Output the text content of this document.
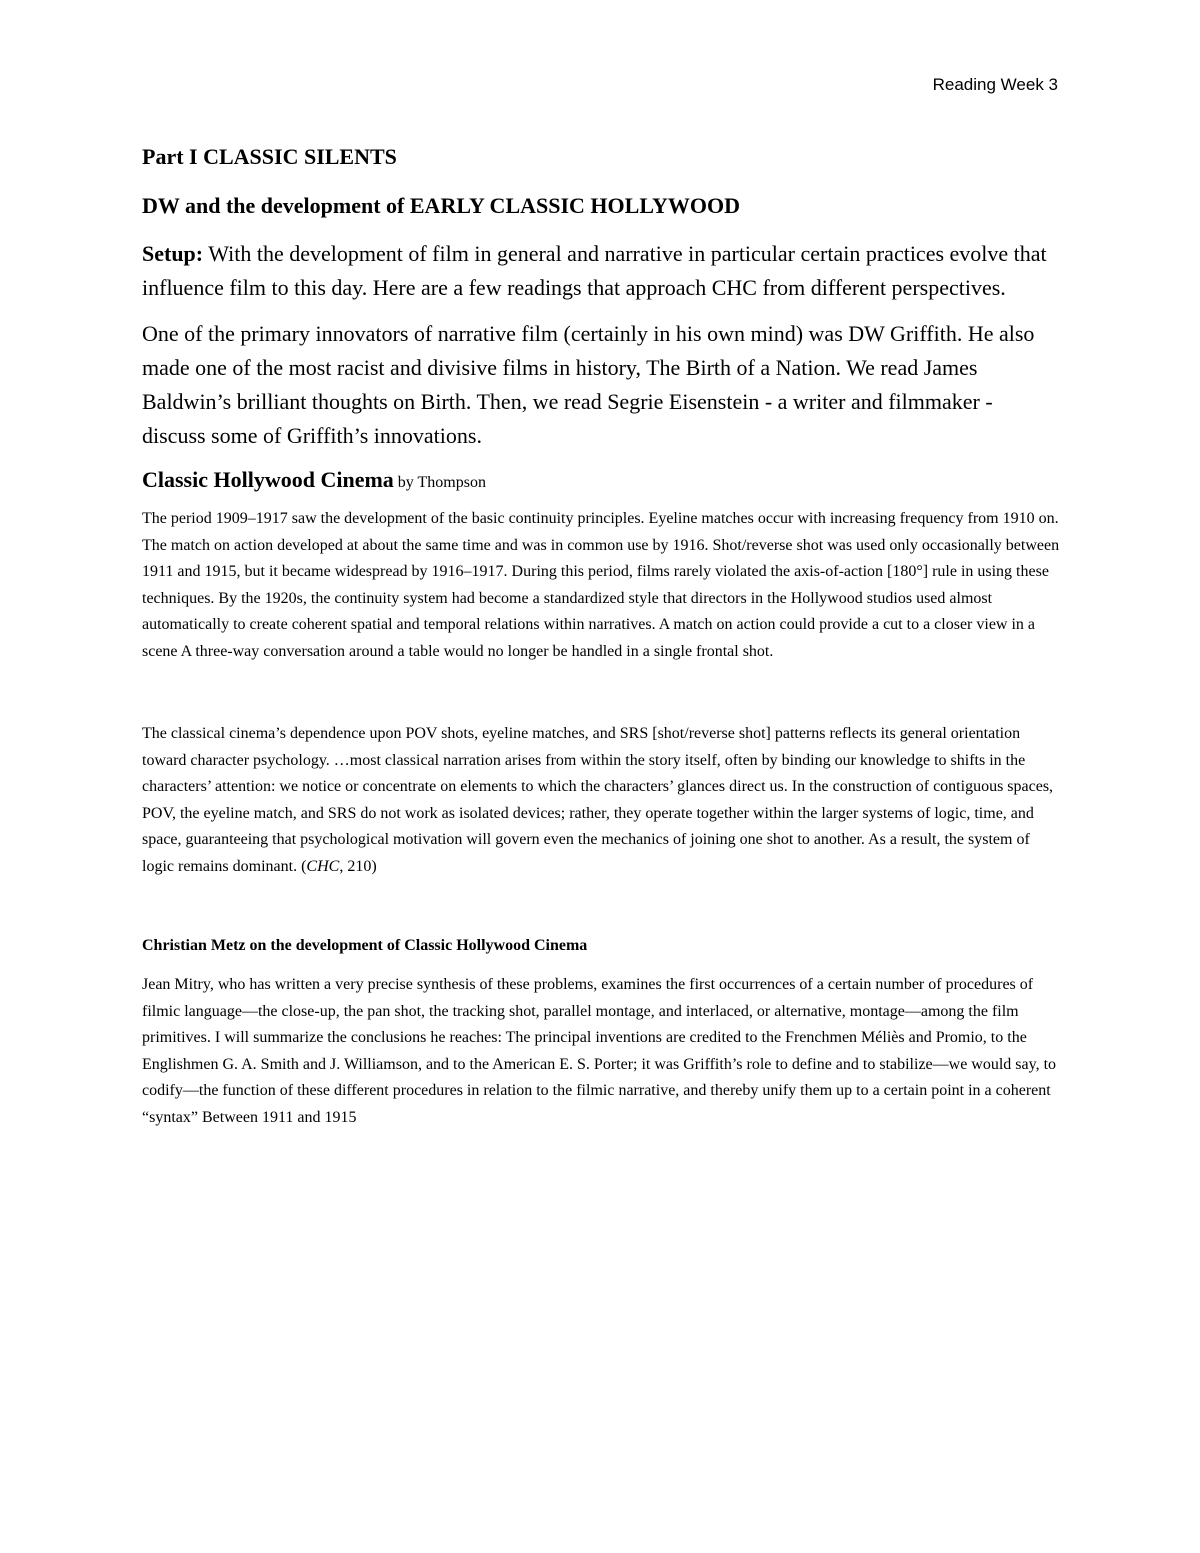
Reading Week 3

Part I CLASSIC SILENTS

DW and the development of EARLY CLASSIC HOLLYWOOD

Setup: With the development of film in general and narrative in particular certain practices evolve that influence film to this day. Here are a few readings that approach CHC from different perspectives.

One of the primary innovators of narrative film (certainly in his own mind) was DW Griffith. He also made one of the most racist and divisive films in history, The Birth of a Nation. We read James Baldwin’s brilliant thoughts on Birth. Then, we read Segrie Eisenstein - a writer and filmmaker - discuss some of Griffith’s innovations.

Classic Hollywood Cinema by Thompson

The period 1909–1917 saw the development of the basic continuity principles. Eyeline matches occur with increasing frequency from 1910 on. The match on action developed at about the same time and was in common use by 1916. Shot/reverse shot was used only occasionally between 1911 and 1915, but it became widespread by 1916–1917. During this period, films rarely violated the axis-of-action [180°] rule in using these techniques. By the 1920s, the continuity system had become a standardized style that directors in the Hollywood studios used almost automatically to create coherent spatial and temporal relations within narratives. A match on action could provide a cut to a closer view in a scene A three-way conversation around a table would no longer be handled in a single frontal shot.

The classical cinema’s dependence upon POV shots, eyeline matches, and SRS [shot/reverse shot] patterns reflects its general orientation toward character psychology. …most classical narration arises from within the story itself, often by binding our knowledge to shifts in the characters’ attention: we notice or concentrate on elements to which the characters’ glances direct us. In the construction of contiguous spaces, POV, the eyeline match, and SRS do not work as isolated devices; rather, they operate together within the larger systems of logic, time, and space, guaranteeing that psychological motivation will govern even the mechanics of joining one shot to another. As a result, the system of logic remains dominant. (CHC, 210)

Christian Metz on the development of Classic Hollywood Cinema

Jean Mitry, who has written a very precise synthesis of these problems, examines the first occurrences of a certain number of procedures of filmic language—the close-up, the pan shot, the tracking shot, parallel montage, and interlaced, or alternative, montage—among the film primitives. I will summarize the conclusions he reaches: The principal inventions are credited to the Frenchmen Méliès and Promio, to the Englishmen G. A. Smith and J. Williamson, and to the American E. S. Porter; it was Griffith’s role to define and to stabilize—we would say, to codify—the function of these different procedures in relation to the filmic narrative, and thereby unify them up to a certain point in a coherent “syntax” Between 1911 and 1915
